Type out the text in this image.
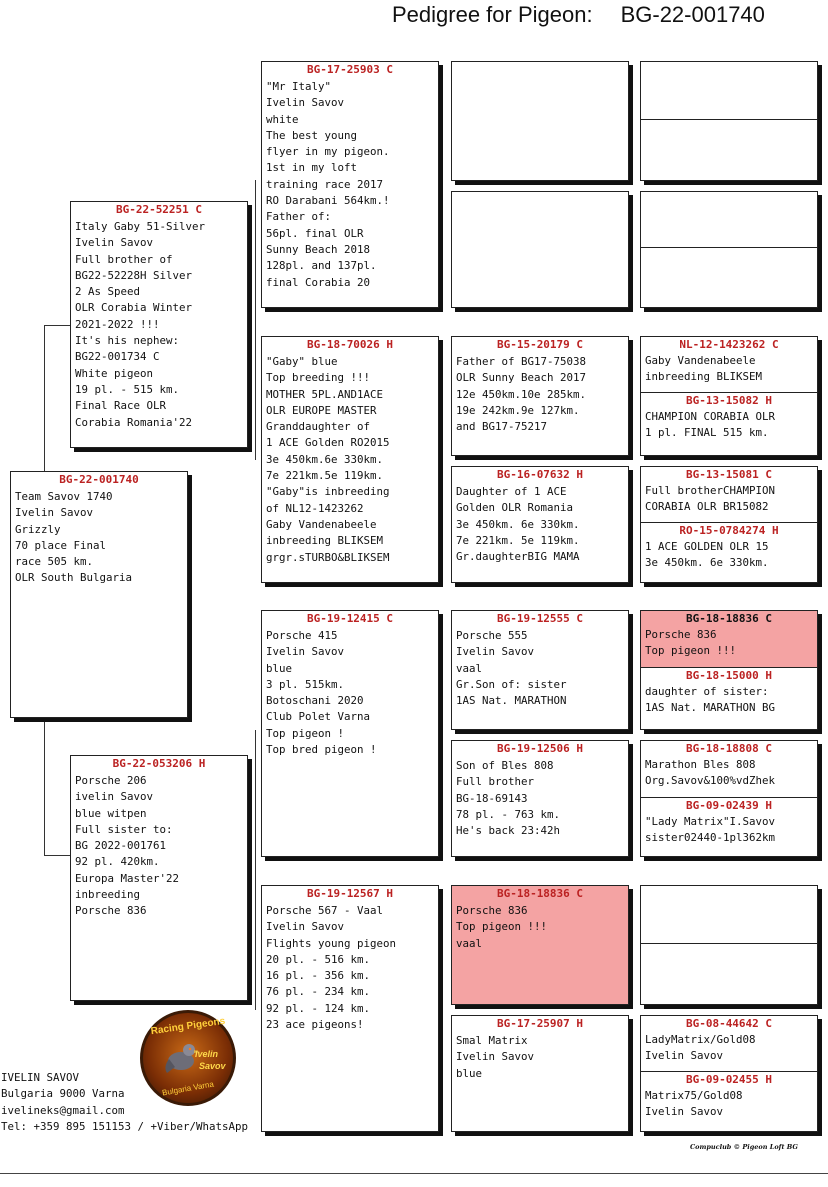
Pedigree for Pigeon: BG-22-001740
BG-22-001740
Team Savov 1740
Ivelin Savov
Grizzly
70 place Final
race 505 km.
OLR South Bulgaria
BG-22-52251 C
Italy Gaby 51-Silver
Ivelin Savov
Full brother of
BG22-52228H Silver
2 As Speed
OLR Corabia Winter
2021-2022 !!!
It's his nephew:
BG22-001734 C
White pigeon
19 pl. - 515 km.
Final Race OLR
Corabia Romania'22
BG-22-053206 H
Porsche 206
ivelin Savov
blue witpen
Full sister to:
BG 2022-001761
92 pl. 420km.
Europa Master'22
inbreeding
Porsche 836
BG-17-25903 C
"Mr Italy"
Ivelin Savov
white
The best young
flyer in my pigeon.
1st in my loft
training race 2017
RO Darabani 564km.!
Father of:
56pl. final OLR
Sunny Beach 2018
128pl. and 137pl.
final Corabia 20
BG-18-70026 H
"Gaby" blue
Top breeding !!!
MOTHER 5PL.AND1ACE
OLR EUROPE MASTER
Granddaughter of
1 ACE Golden RO2015
3e 450km.6e 330km.
7e 221km.5e 119km.
"Gaby"is inbreeding
of NL12-1423262
Gaby Vandenabeele
inbreeding BLIKSEM
grgr.sTURBO&BLIKSEM
BG-19-12415 C
Porsche 415
Ivelin Savov
blue
3 pl. 515km.
Botoschani 2020
Club Polet Varna
Top pigeon !
Top bred pigeon !
BG-19-12567 H
Porsche 567 - Vaal
Ivelin Savov
Flights young pigeon
20 pl. - 516 km.
16 pl. - 356 km.
76 pl. - 234 km.
92 pl. - 124 km.
23 ace pigeons!
BG-15-20179 C
Father of BG17-75038
OLR Sunny Beach 2017
12e 450km.10e 285km.
19e 242km.9e 127km.
and BG17-75217
BG-16-07632 H
Daughter of 1 ACE
Golden OLR Romania
3e 450km. 6e 330km.
7e 221km. 5e 119km.
Gr.daughterBIG MAMA
BG-19-12555 C
Porsche 555
Ivelin Savov
vaal
Gr.Son of: sister
1AS Nat. MARATHON
BG-19-12506 H
Son of Bles 808
Full brother
BG-18-69143
78 pl. - 763 km.
He's back 23:42h
BG-18-18836 C
Porsche 836
Top pigeon !!!
vaal
BG-17-25907 H
Smal Matrix
Ivelin Savov
blue
NL-12-1423262 C
Gaby Vandenabeele
inbreeding BLIKSEM
BG-13-15082 H
CHAMPION CORABIA OLR
1 pl. FINAL 515 km.
BG-13-15081 C
Full brotherCHAMPION
CORABIA OLR BR15082
RO-15-0784274 H
1 ACE GOLDEN OLR 15
3e 450km. 6e 330km.
BG-18-18836 C
Porsche 836
Top pigeon !!!
BG-18-15000 H
daughter of sister:
1AS Nat. MARATHON BG
BG-18-18808 C
Marathon Bles 808
Org.Savov&100%vdZhek
BG-09-02439 H
"Lady Matrix"I.Savov
sister02440-1pl362km
BG-08-44642 C
LadyMatrix/Gold08
Ivelin Savov
BG-09-02455 H
Matrix75/Gold08
Ivelin Savov
Racing Pigeons
Ivelin
Savov
Bulgaria Varna
IVELIN SAVOV
Bulgaria 9000 Varna
ivelineks@gmail.com
Tel: +359 895 151153 / +Viber/WhatsApp
Compuclub © Pigeon Loft BG
